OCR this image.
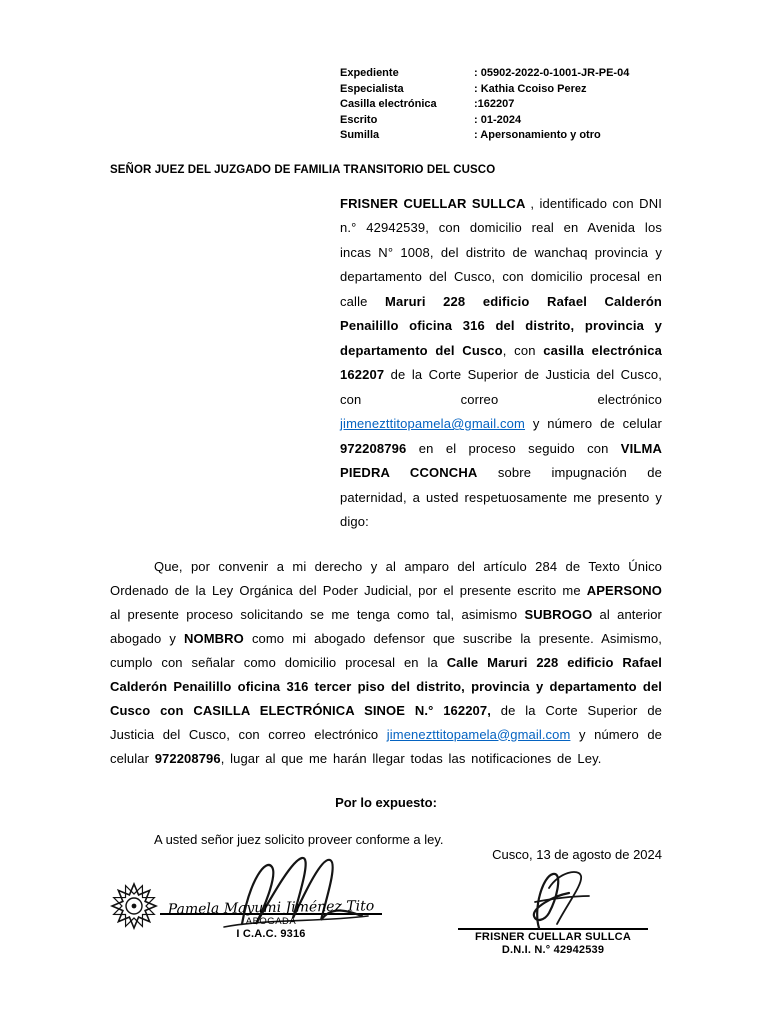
Expediente	: 05902-2022-0-1001-JR-PE-04
Especialista	: Kathia Ccoiso Perez
Casilla electrónica	:162207
Escrito	: 01-2024
Sumilla	: Apersonamiento y otro

SEÑOR JUEZ DEL JUZGADO DE FAMILIA TRANSITORIO DEL CUSCO

FRISNER CUELLAR SULLCA , identificado con DNI n.° 42942539, con domicilio real en Avenida los incas N° 1008, del distrito de wanchaq provincia y departamento del Cusco, con domicilio procesal en calle Maruri 228 edificio Rafael Calderón Penailillo oficina 316 del distrito, provincia y departamento del Cusco, con casilla electrónica 162207 de la Corte Superior de Justicia del Cusco, con correo electrónico jimenezttitopamela@gmail.com y número de celular 972208796 en el proceso seguido con VILMA PIEDRA CCONCHA sobre impugnación de paternidad, a usted respetuosamente me presento y digo:

Que, por convenir a mi derecho y al amparo del artículo 284 de Texto Único Ordenado de la Ley Orgánica del Poder Judicial, por el presente escrito me APERSONO al presente proceso solicitando se me tenga como tal, asimismo SUBROGO al anterior abogado y NOMBRO como mi abogado defensor que suscribe la presente. Asimismo, cumplo con señalar como domicilio procesal en la Calle Maruri 228 edificio Rafael Calderón Penailillo oficina 316 tercer piso del distrito, provincia y departamento del Cusco con CASILLA ELECTRÓNICA SINOE N.° 162207, de la Corte Superior de Justicia del Cusco, con correo electrónico jimenezttitopamela@gmail.com y número de celular 972208796, lugar al que me harán llegar todas las notificaciones de Ley.

Por lo expuesto:

A usted señor juez solicito proveer conforme a ley.

Cusco, 13 de agosto de 2024

Pamela Mayumi Jiménez Tito
ABOGADA
I C.A.C. 9316	FRISNER CUELLAR SULLCA
D.N.I. N.° 42942539
